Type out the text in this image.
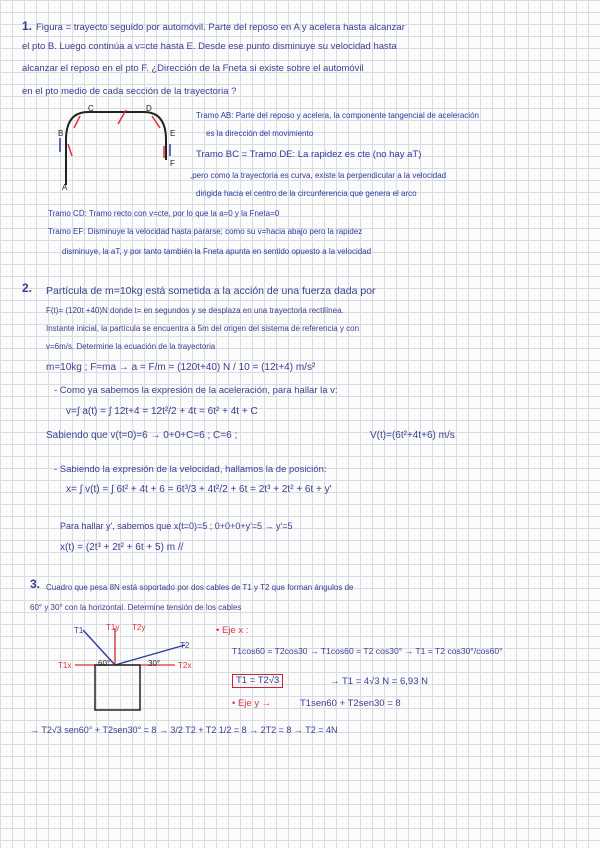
1. Figura = trayecto seguido por automóvil. Parte del reposo en A y acelera hasta alcanzar
el pto B. Luego continúa a v=cte hasta E. Desde ese punto disminuye su velocidad hasta
alcanzar el reposo en el pto F. ¿Dirección de la Fneta si existe sobre el automóvil
en el pto medio de cada sección de la trayectoria ?
A
B
C	D
E
F
Tramo AB: Parte del reposo y acelera, la componente tangencial de aceleración
es la dirección del movimiento
Tramo BC = Tramo DE: La rapidez es cte (no hay aT)
,pero como la trayectoria es curva, existe la perpendicular a la velocidad
dirigida hacia el centro de la circunferencia que genera el arco
Tramo CD: Tramo recto con v=cte, por lo que la a=0 y la Fneta=0
Tramo EF: Disminuye la velocidad hasta pararse; como su v=hacia abajo pero la rapidez
disminuye, la aT, y por tanto también la Fneta apunta en sentido opuesto a la velocidad
2. Partícula de m=10kg está sometida a la acción de una fuerza dada por
F(t)= (120t +40)N donde t= en segundos y se desplaza en una trayectoria rectilínea.
Instante inicial, la partícula se encuentra a 5m del origen del sistema de referencia y con
v=6m/s. Determine la ecuación de la trayectoria
m=10kg ; F=ma → a = F/m = (120t+40) N / 10 = (12t+4) m/s²
- Como ya sabemos la expresión de la aceleración, para hallar la v:
v=∫ a(t) = ∫ 12t+4 = 12t²/2 + 4t = 6t² + 4t + C
Sabiendo que v(t=0)=6 → 0+0+C=6 ; C=6 ;	V(t)=(6t²+4t+6) m/s
- Sabiendo la expresión de la velocidad, hallamos la de posición:
x= ∫ v(t) = ∫ 6t² + 4t + 6 = 6t³/3 + 4t²/2 + 6t = 2t³ + 2t² + 6t + y'
Para hallar y', sabemos que x(t=0)=5 ; 0+0+0+y'=5 → y'=5
x(t) = (2t³ + 2t² + 6t + 5) m //
3. Cuadro que pesa 8N está soportado por dos cables de T1 y T2 que forman ángulos de
60° y 30° con la horizontal. Determine tensión de los cables
T1
T2
T1y T2y
T1x	T2x
60°	30°
• Eje x :
T1cos60 = T2cos30 → T1cos60 = T2 cos30° → T1 = T2 cos30°/cos60°
T1 = T2√3	→ T1 = 4√3 N = 6,93 N
• Eje y →	T1sen60 + T2sen30 = 8
→ T2√3 sen60° + T2sen30° = 8 → 3/2 T2 + T2 1/2 = 8 → 2T2 = 8 → T2 = 4N
